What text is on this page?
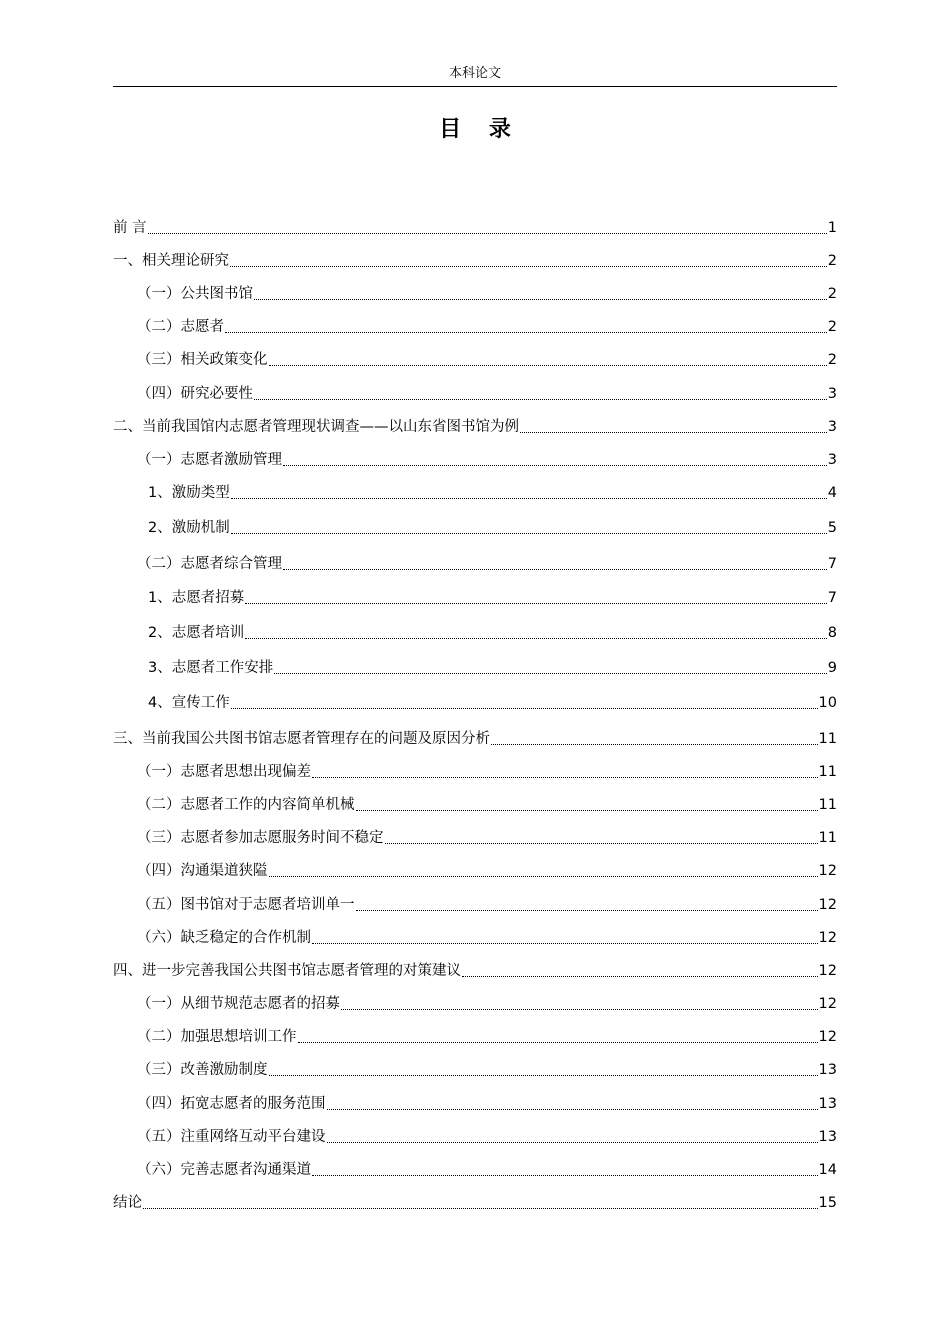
本科论文
目 录
前 言	1
一、相关理论研究	2
（一）公共图书馆	2
（二）志愿者	2
（三）相关政策变化	2
（四）研究必要性	3
二、当前我国馆内志愿者管理现状调查——以山东省图书馆为例	3
（一）志愿者激励管理	3
1、激励类型	4
2、激励机制	5
（二）志愿者综合管理	7
1、志愿者招募	7
2、志愿者培训	8
3、志愿者工作安排	9
4、宣传工作	10
三、当前我国公共图书馆志愿者管理存在的问题及原因分析	11
（一）志愿者思想出现偏差	11
（二）志愿者工作的内容简单机械	11
（三）志愿者参加志愿服务时间不稳定	11
（四）沟通渠道狭隘	12
（五）图书馆对于志愿者培训单一	12
（六）缺乏稳定的合作机制	12
四、进一步完善我国公共图书馆志愿者管理的对策建议	12
（一）从细节规范志愿者的招募	12
（二）加强思想培训工作	12
（三）改善激励制度	13
（四）拓宽志愿者的服务范围	13
（五）注重网络互动平台建设	13
（六）完善志愿者沟通渠道	14
结论	15
